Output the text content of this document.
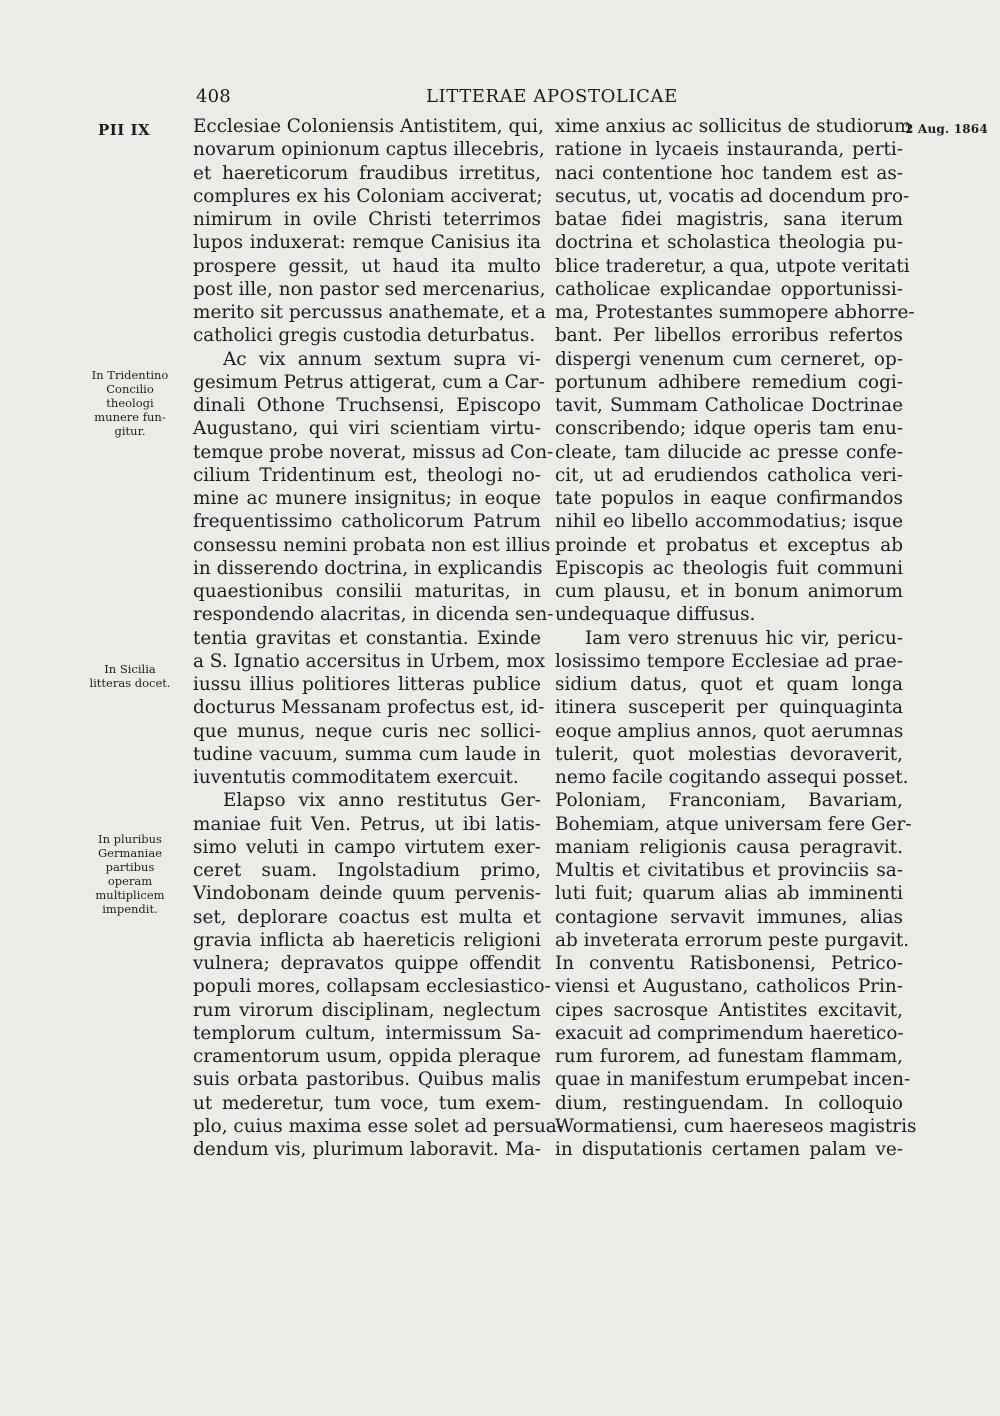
408	LITTERAE APOSTOLICAE
PII IX	2 Aug. 1864
In Tridentino
Concilio
theologi
munere fun-
gitur.
In Sicilia
litteras docet.
In pluribus
Germaniae
partibus
operam
multiplicem
impendit.
Ecclesiae Coloniensis Antistitem, qui,
novarum opinionum captus illecebris,
et haereticorum fraudibus irretitus,
complures ex his Coloniam acciverat;
nimirum in ovile Christi teterrimos
lupos induxerat: remque Canisius ita
prospere gessit, ut haud ita multo
post ille, non pastor sed mercenarius,
merito sit percussus anathemate, et a
catholici gregis custodia deturbatus.
Ac vix annum sextum supra vi-
gesimum Petrus attigerat, cum a Car-
dinali Othone Truchsensi, Episcopo
Augustano, qui viri scientiam virtu-
temque probe noverat, missus ad Con-
cilium Tridentinum est, theologi no-
mine ac munere insignitus; in eoque
frequentissimo catholicorum Patrum
consessu nemini probata non est illius
in disserendo doctrina, in explicandis
quaestionibus consilii maturitas, in
respondendo alacritas, in dicenda sen-
tentia gravitas et constantia. Exinde
a S. Ignatio accersitus in Urbem, mox
iussu illius politiores litteras publice
docturus Messanam profectus est, id-
que munus, neque curis nec sollici-
tudine vacuum, summa cum laude in
iuventutis commoditatem exercuit.
Elapso vix anno restitutus Ger-
maniae fuit Ven. Petrus, ut ibi latis-
simo veluti in campo virtutem exer-
ceret suam. Ingolstadium primo,
Vindobonam deinde quum pervenis-
set, deplorare coactus est multa et
gravia inflicta ab haereticis religioni
vulnera; depravatos quippe offendit
populi mores, collapsam ecclesiastico-
rum virorum disciplinam, neglectum
templorum cultum, intermissum Sa-
cramentorum usum, oppida pleraque
suis orbata pastoribus. Quibus malis
ut mederetur, tum voce, tum exem-
plo, cuius maxima esse solet ad persua-
dendum vis, plurimum laboravit. Ma-
xime anxius ac sollicitus de studiorum
ratione in lycaeis instauranda, perti-
naci contentione hoc tandem est as-
secutus, ut, vocatis ad docendum pro-
batae fidei magistris, sana iterum
doctrina et scholastica theologia pu-
blice traderetur, a qua, utpote veritati
catholicae explicandae opportunissi-
ma, Protestantes summopere abhorre-
bant. Per libellos erroribus refertos
dispergi venenum cum cerneret, op-
portunum adhibere remedium cogi-
tavit, Summam Catholicae Doctrinae
conscribendo; idque operis tam enu-
cleate, tam dilucide ac presse confe-
cit, ut ad erudiendos catholica veri-
tate populos in eaque confirmandos
nihil eo libello accommodatius; isque
proinde et probatus et exceptus ab
Episcopis ac theologis fuit communi
cum plausu, et in bonum animorum
undequaque diffusus.
Iam vero strenuus hic vir, pericu-
losissimo tempore Ecclesiae ad prae-
sidium datus, quot et quam longa
itinera susceperit per quinquaginta
eoque amplius annos, quot aerumnas
tulerit, quot molestias devoraverit,
nemo facile cogitando assequi posset.
Poloniam, Franconiam, Bavariam,
Bohemiam, atque universam fere Ger-
maniam religionis causa peragravit.
Multis et civitatibus et provinciis sa-
luti fuit; quarum alias ab imminenti
contagione servavit immunes, alias
ab inveterata errorum peste purgavit.
In conventu Ratisbonensi, Petrico-
viensi et Augustano, catholicos Prin-
cipes sacrosque Antistites excitavit,
exacuit ad comprimendum haeretico-
rum furorem, ad funestam flammam,
quae in manifestum erumpebat incen-
dium, restinguendam. In colloquio
Wormatiensi, cum haereseos magistris
in disputationis certamen palam ve-
